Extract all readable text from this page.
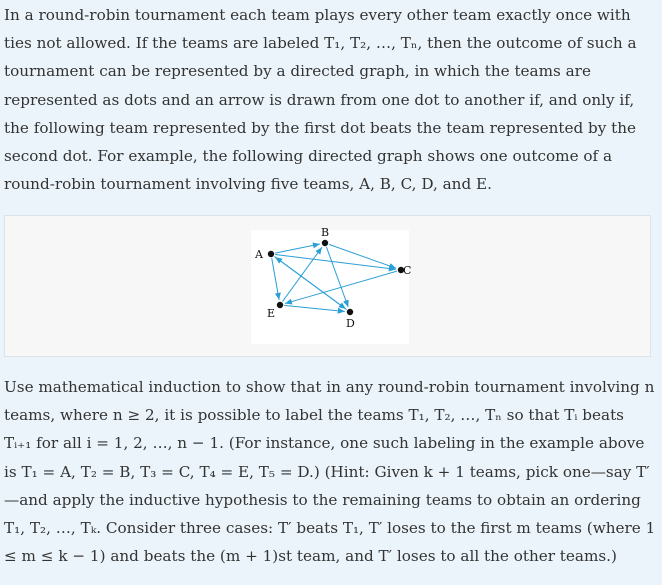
In a round-robin tournament each team plays every other team exactly once with ties not allowed. If the teams are labeled T₁, T₂, …, Tₙ, then the outcome of such a tournament can be represented by a directed graph, in which the teams are represented as dots and an arrow is drawn from one dot to another if, and only if, the following team represented by the first dot beats the team represented by the second dot. For example, the following directed graph shows one outcome of a round-robin tournament involving five teams, A, B, C, D, and E.

A
B
C
D
E

Use mathematical induction to show that in any round-robin tournament involving n teams, where n ≥ 2, it is possible to label the teams T₁, T₂, …, Tₙ so that Tᵢ beats Tᵢ₊₁ for all i = 1, 2, …, n − 1. (For instance, one such labeling in the example above is T₁ = A, T₂ = B, T₃ = C, T₄ = E, T₅ = D.) (Hint: Given k + 1 teams, pick one—say T′—and apply the inductive hypothesis to the remaining teams to obtain an ordering T₁, T₂, …, Tₖ. Consider three cases: T′ beats T₁, T′ loses to the first m teams (where 1 ≤ m ≤ k − 1) and beats the (m + 1)st team, and T′ loses to all the other teams.)
